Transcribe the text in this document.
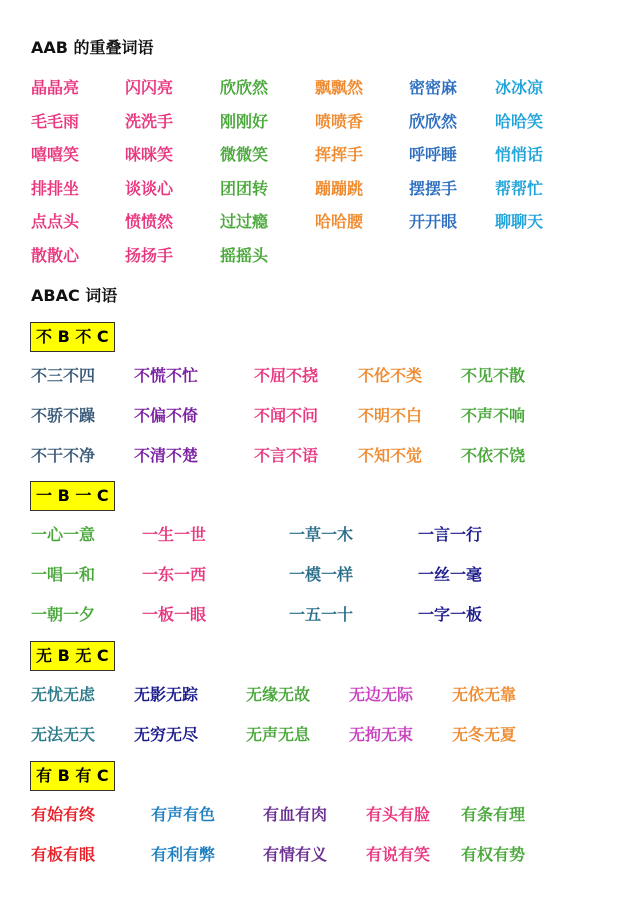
AAB 的重叠词语
晶晶亮	闪闪亮	欣欣然	飘飘然	密密麻 冰冰凉
毛毛雨	洗洗手	刚刚好	喷喷香	欣欣然 哈哈笑
嘻嘻笑	咪咪笑	微微笑	挥挥手	呼呼睡 悄悄话
排排坐	谈谈心	团团转	蹦蹦跳	摆摆手 帮帮忙
点点头	愤愤然	过过瘾	哈哈腰	开开眼 聊聊天
散散心	扬扬手	摇摇头
ABAC 词语
不 B 不 C
不三不四 不慌不忙	不屈不挠 不伦不类 不见不散
不骄不躁 不偏不倚	不闻不问 不明不白 不声不响
不干不净 不清不楚	不言不语 不知不觉 不依不饶
一 B 一 C
一心一意	一生一世	一草一木	一言一行
一唱一和	一东一西	一模一样	一丝一毫
一朝一夕	一板一眼	一五一十	一字一板
无 B 无 C
无忧无虑 无影无踪	无缘无故 无边无际 无依无靠
无法无天 无穷无尽	无声无息 无拘无束 无冬无夏
有 B 有 C
有始有终	有声有色	有血有肉 有头有脸 有条有理
有板有眼	有利有弊	有情有义 有说有笑 有权有势
